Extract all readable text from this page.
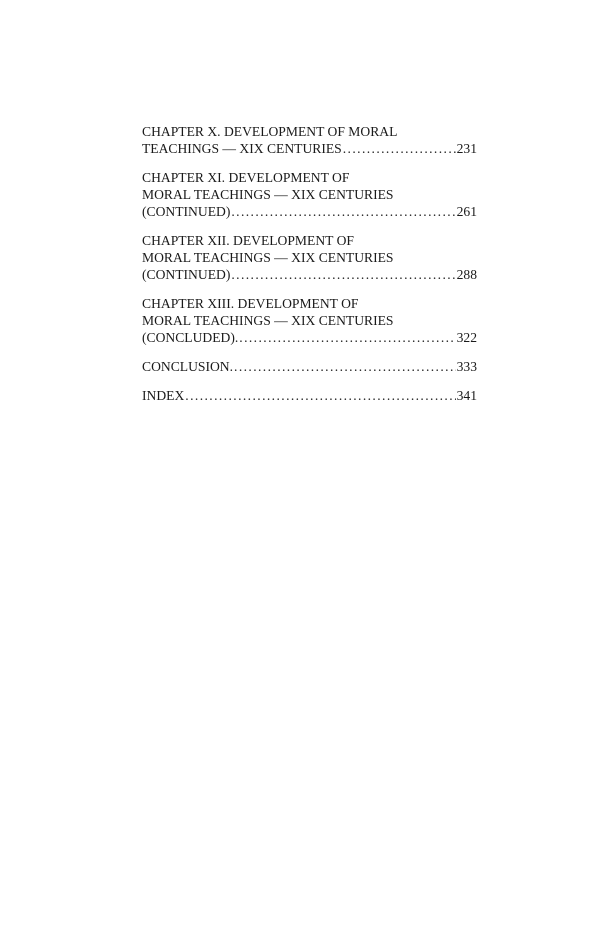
CHAPTER X. DEVELOPMENT OF MORAL
TEACHINGS — XIX CENTURIES .....	231
CHAPTER XI. DEVELOPMENT OF
MORAL TEACHINGS — XIX CENTURIES
(CONTINUED) .....	261
CHAPTER XII. DEVELOPMENT OF
MORAL TEACHINGS — XIX CENTURIES
(CONTINUED) .....	288
CHAPTER XIII. DEVELOPMENT OF
MORAL TEACHINGS — XIX CENTURIES
(CONCLUDED). .....	322
CONCLUSION. .....	333
INDEX .....	341
